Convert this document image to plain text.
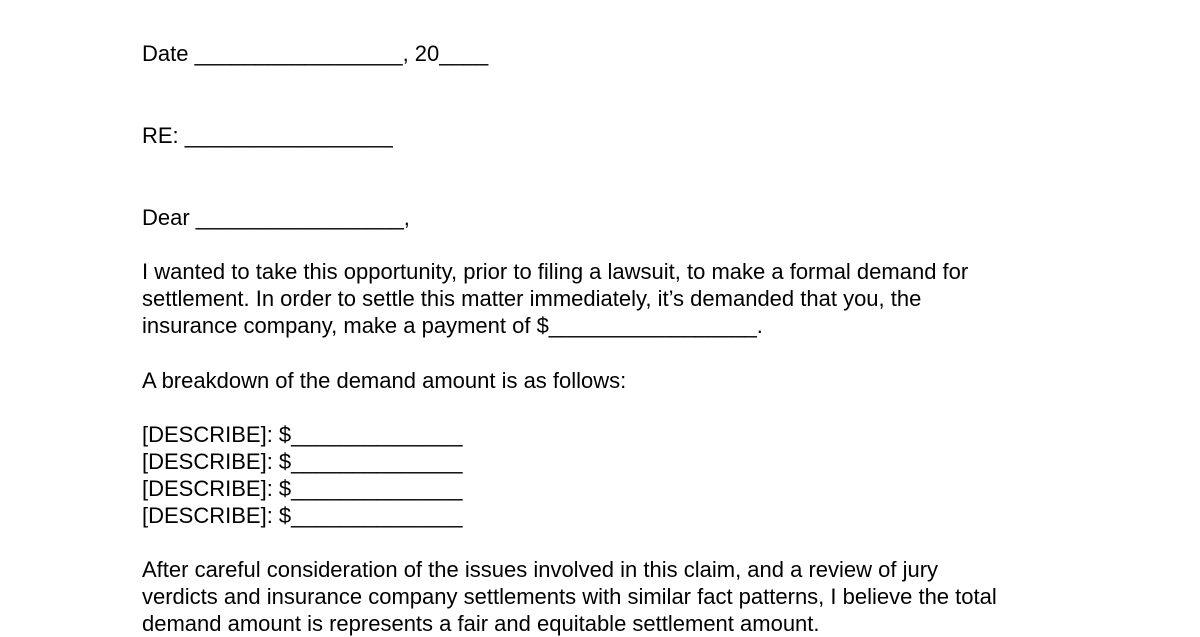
Date _________________, 20____
RE: _________________
Dear _________________,
I wanted to take this opportunity, prior to filing a lawsuit, to make a formal demand for
settlement. In order to settle this matter immediately, it’s demanded that you, the
insurance company, make a payment of $_________________.
A breakdown of the demand amount is as follows:
[DESCRIBE]: $______________
[DESCRIBE]: $______________
[DESCRIBE]: $______________
[DESCRIBE]: $______________
After careful consideration of the issues involved in this claim, and a review of jury
verdicts and insurance company settlements with similar fact patterns, I believe the total
demand amount is represents a fair and equitable settlement amount.
